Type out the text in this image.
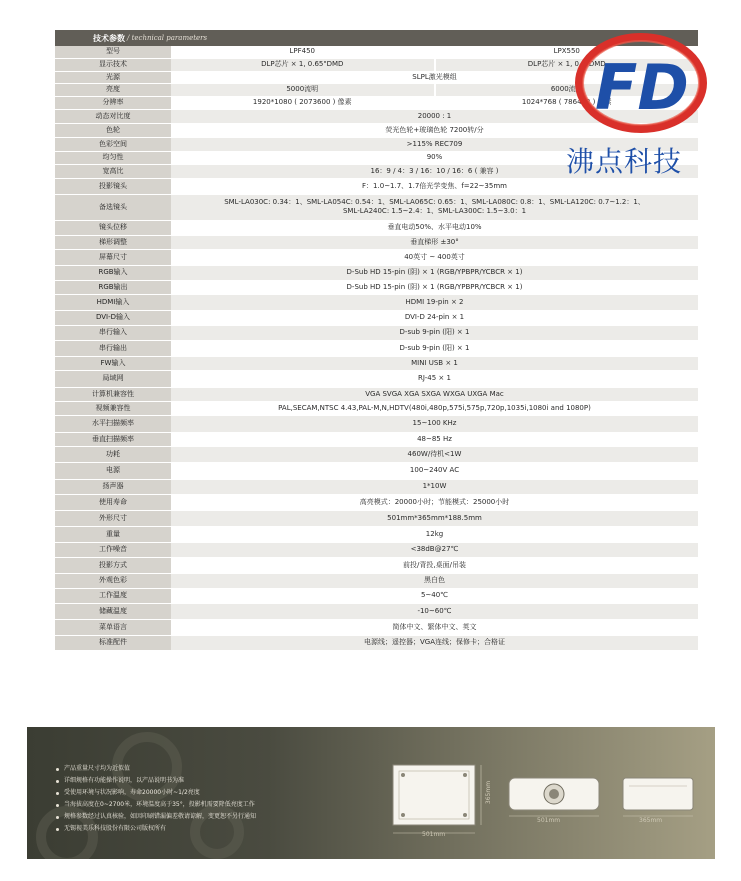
技术参数 / technical parameters
型号	LPF450	LPX550
显示技术	DLP芯片 × 1, 0.65"DMD	DLP芯片 × 1, 0.7"DMD
光源	SLPL激光模组	

亮度	5000流明	6000流明
分辨率	1920*1080 ( 2073600 ) 像素	1024*768 ( 786432 ) 像素
动态对比度	20000 : 1	

色轮	荧光色轮+玻璃色轮 7200转/分	

色彩空间	>115% REC709	

均匀性	90%	

宽高比	16：9 / 4：3 / 16：10 / 16：6 ( 兼容 )	

投影镜头	F：1.0~1.7、1.7倍光学变焦、f=22~35mm	

备选镜头	SML-LA030C: 0.34：1、SML-LA054C: 0.54：1、SML-LA065C: 0.65：1、SML-LA080C: 0.8：1、SML-LA120C: 0.7~1.2：1、
SML-LA240C: 1.5~2.4：1、SML-LA300C: 1.5~3.0：1	

镜头位移	垂直电动50%、水平电动10%	

梯形调整	垂直梯形 ±30°	

屏幕尺寸	40英寸 ~ 400英寸	

RGB输入	D-Sub HD 15-pin (阴) × 1 (RGB/YPBPR/YCBCR × 1)	

RGB输出	D-Sub HD 15-pin (阴) × 1 (RGB/YPBPR/YCBCR × 1)	

HDMI输入	HDMI 19-pin × 2	

DVI-D输入	DVI-D 24-pin × 1	

串行输入	D-sub 9-pin (阳) × 1	

串行输出	D-sub 9-pin (阳) × 1	

FW输入	MINI USB × 1	

局域网	RJ-45 × 1	

计算机兼容性	VGA SVGA XGA SXGA WXGA UXGA Mac	

视频兼容性	PAL,SECAM,NTSC 4.43,PAL-M,N,HDTV(480i,480p,575i,575p,720p,1035i,1080i and 1080P)	

水平扫描频率	15~100 KHz	

垂直扫描频率	48~85 Hz	

功耗	460W/待机<1W	

电源	100~240V AC	

扬声器	1*10W	

使用寿命	高亮模式：20000小时；节能模式：25000小时	

外形尺寸	501mm*365mm*188.5mm	

重量	12kg	

工作噪音	<38dB@27℃	

投影方式	前投/背投,桌面/吊装	

外观色彩	黑白色	

工作温度	5~40℃	

储藏温度	-10~60℃	

菜单语言	简体中文、繁体中文、英文	

标准配件	电源线；遥控器；VGA连线；保修卡；合格证	
FD
沸点科技
产品重量尺寸均为近似值
详细规格有功能操作说明，以产品说明书为准
受使用环境与状况影响，寿命20000小时~1/2亮度
当海拔高度在0~2700米，环境温度高于35°，投影机需要降低亮度工作
规格参数经过认真核验，如因印刷错漏偏差敬请谅解，变更恕不另行通知
无锡视美乐科技股份有限公司版权所有
365mm
501mm
501mm	365mm
